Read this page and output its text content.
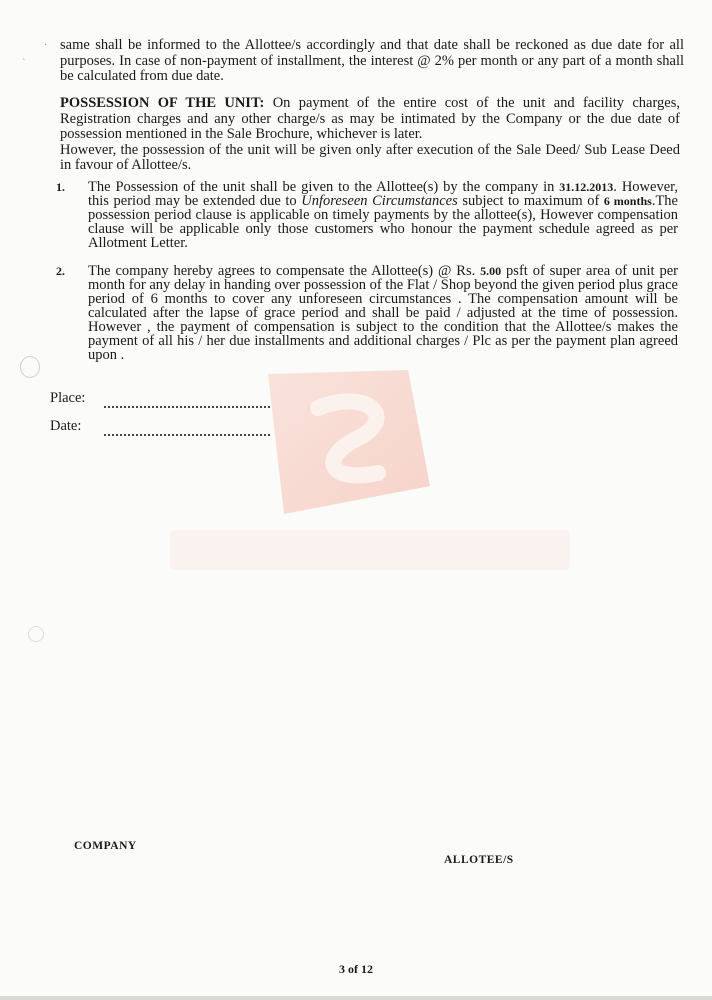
·
ˋ
same shall be informed to the Allottee/s accordingly and that date shall be reckoned as due date for all purposes. In case of non-payment of installment, the interest @ 2% per month or any part of a month shall be calculated from due date.
POSSESSION OF THE UNIT: On payment of the entire cost of the unit and facility charges, Registration charges and any other charge/s as may be intimated by the Company or the due date of possession mentioned in the Sale Brochure, whichever is later.
However, the possession of the unit will be given only after execution of the Sale Deed/ Sub Lease Deed in favour of Allottee/s.
1. The Possession of the unit shall be given to the Allottee(s) by the company in 31.12.2013. However, this period may be extended due to Unforeseen Circumstances subject to maximum of 6 months.The possession period clause is applicable on timely payments by the allottee(s), However compensation clause will be applicable only those customers who honour the payment schedule agreed as per Allotment Letter.
2. The company hereby agrees to compensate the Allottee(s) @ Rs. 5.00 psft of super area of unit per month for any delay in handing over possession of the Flat / Shop beyond the given period plus grace period of 6 months to cover any unforeseen circumstances . The compensation amount will be calculated after the lapse of grace period and shall be paid / adjusted at the time of possession. However , the payment of compensation is subject to the condition that the Allottee/s makes the payment of all his / her due installments and additional charges / Plc as per the payment plan agreed upon .
Place:
Date:
COMPANY
ALLOTEE/S
3 of 12
